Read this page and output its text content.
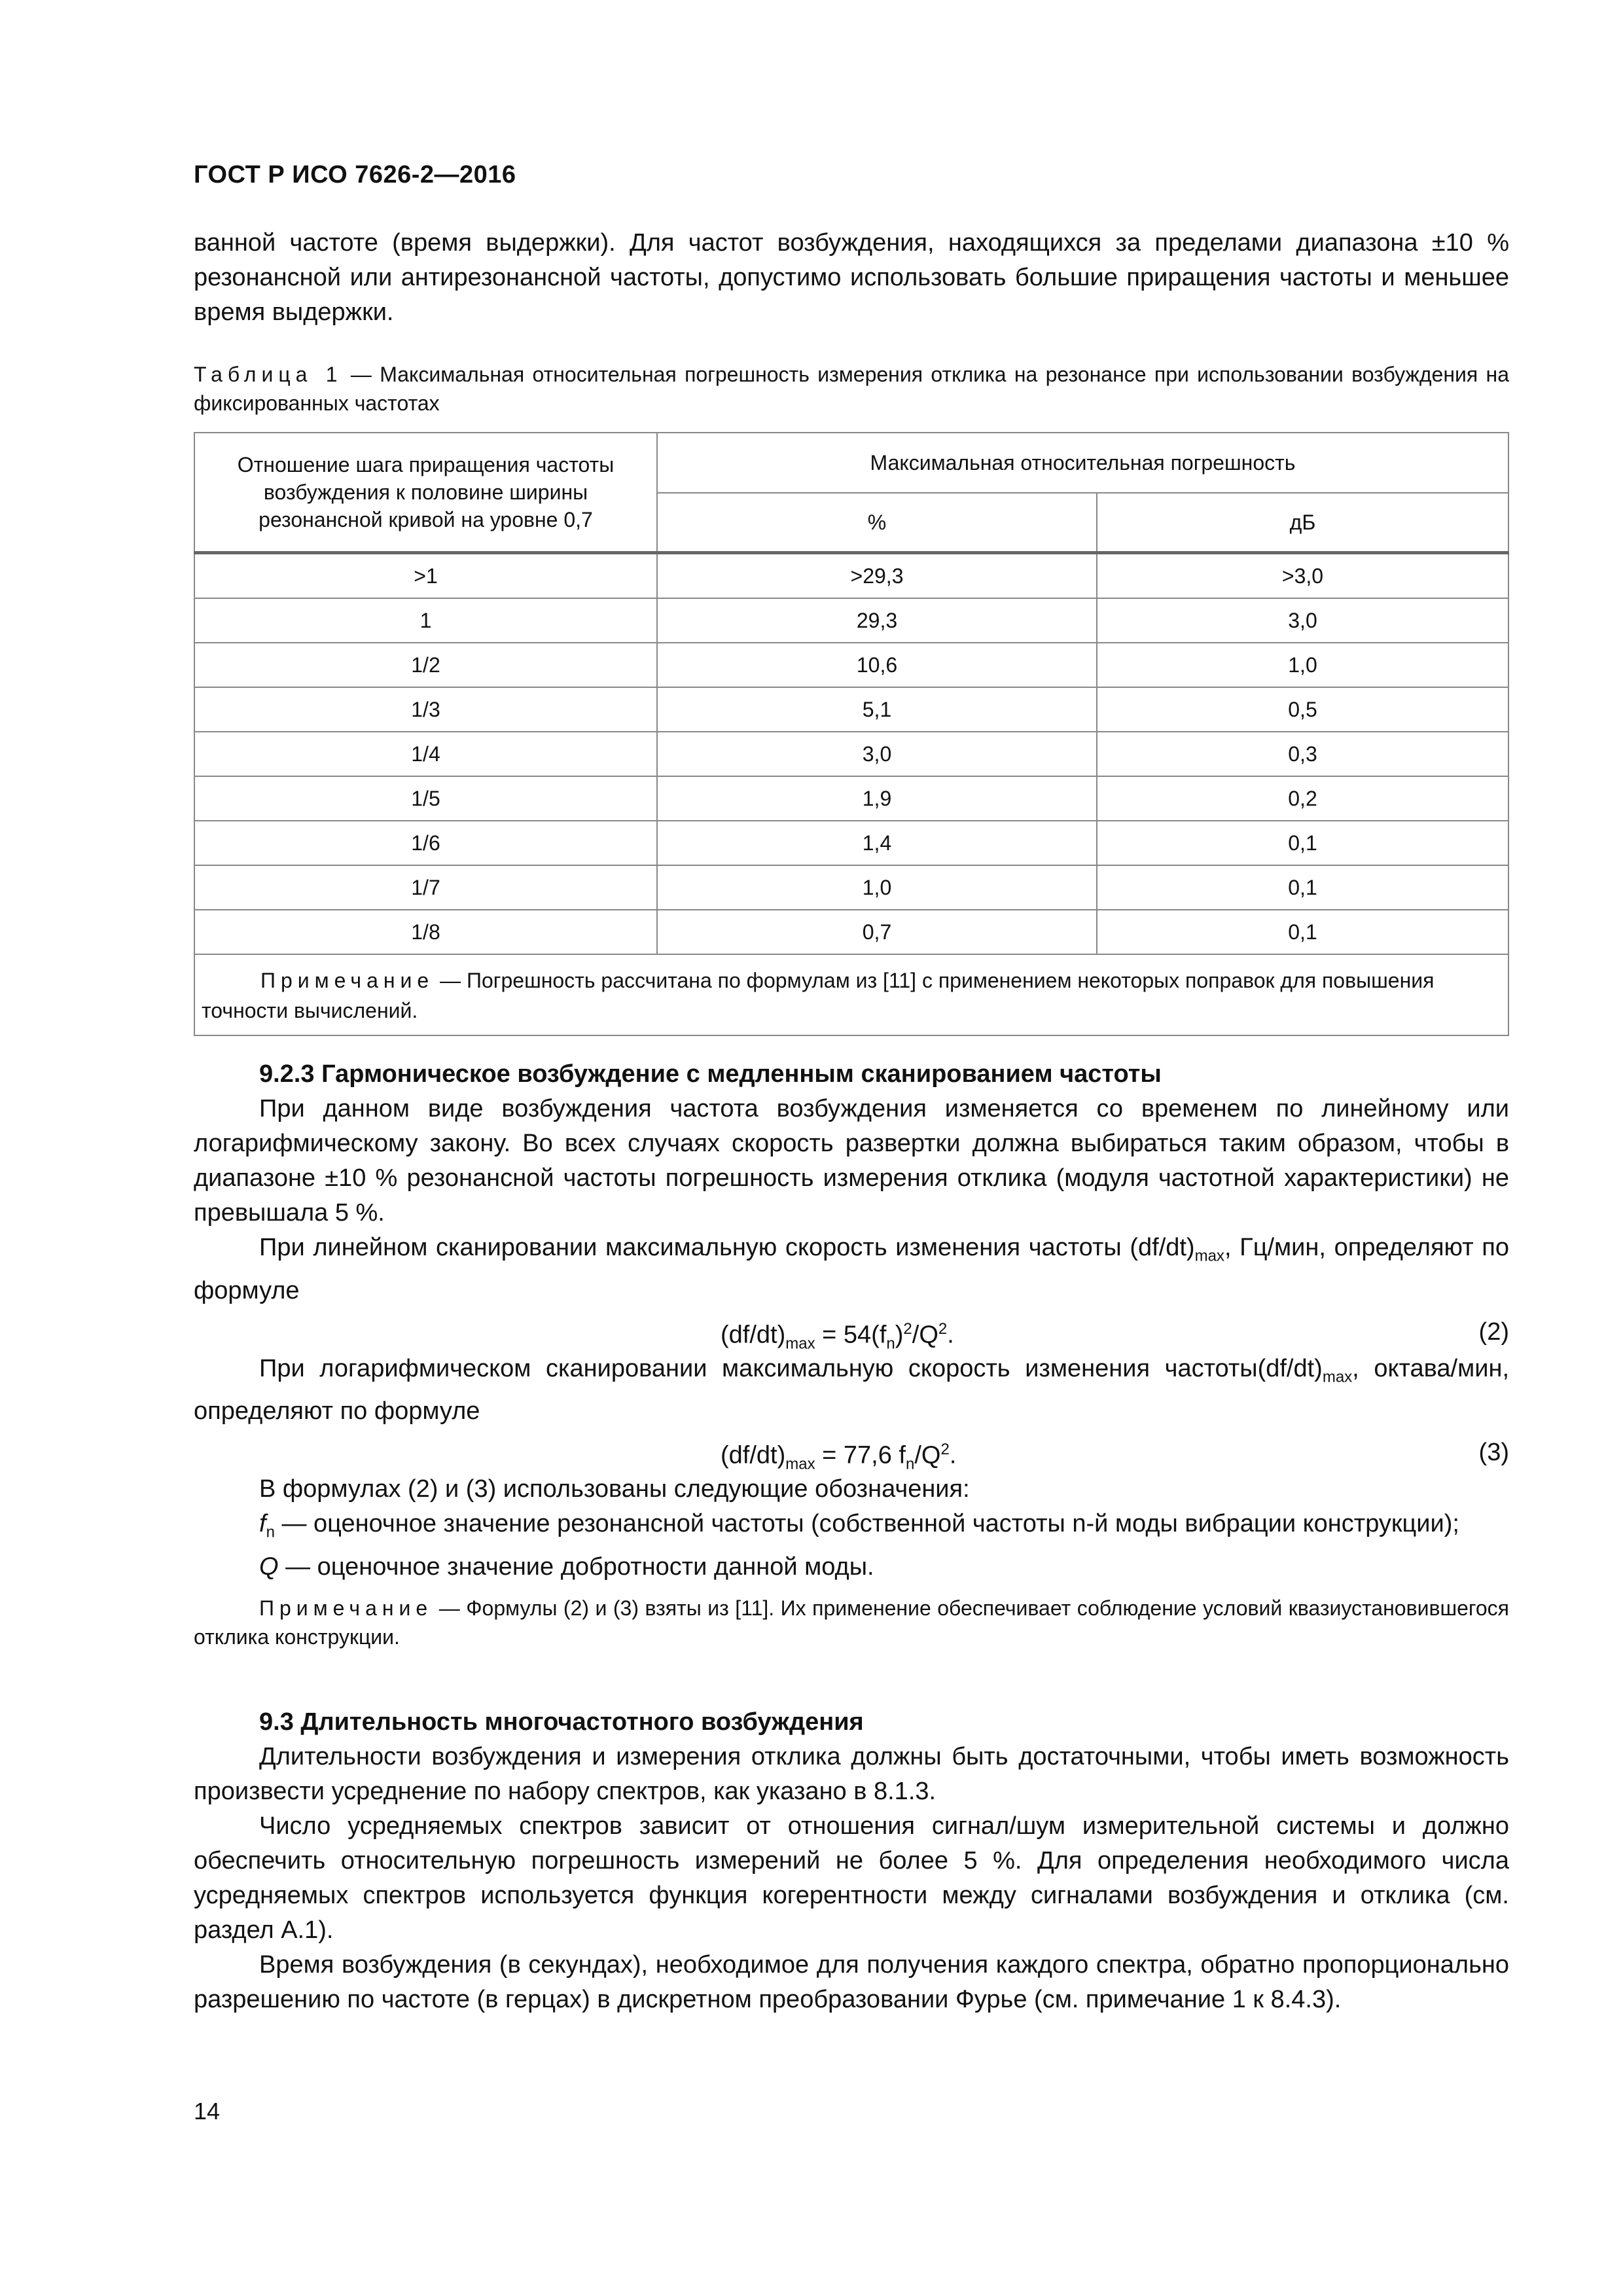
ГОСТ Р ИСО 7626-2—2016

ванной частоте (время выдержки). Для частот возбуждения, находящихся за пределами диапазона ±10 % резонансной или антирезонансной частоты, допустимо использовать большие приращения частоты и меньшее время выдержки.

Таблица 1 — Максимальная относительная погрешность измерения отклика на резонансе при использовании возбуждения на фиксированных частотах
Отношение шага приращения частоты возбуждения к половине ширины резонансной кривой на уровне 0,7	Максимальная относительная погрешность	
	%	дБ
>1	>29,3	>3,0
1	29,3	3,0
1/2	10,6	1,0
1/3	5,1	0,5
1/4	3,0	0,3
1/5	1,9	0,2
1/6	1,4	0,1
1/7	1,0	0,1
1/8	0,7	0,1
Примечание — Погрешность рассчитана по формулам из [11] с применением некоторых поправок для повышения точности вычислений.		

9.2.3 Гармоническое возбуждение с медленным сканированием частоты

При данном виде возбуждения частота возбуждения изменяется со временем по линейному или логарифмическому закону. Во всех случаях скорость развертки должна выбираться таким образом, чтобы в диапазоне ±10 % резонансной частоты погрешность измерения отклика (модуля частотной характеристики) не превышала 5 %.

При линейном сканировании максимальную скорость изменения частоты $(df/dt)_{max}$, Гц/мин, определяют по формуле

$(df/dt)_{max} = 54(f_n)^2/Q^2$.	(2)

При логарифмическом сканировании максимальную скорость изменения $частоты(df/dt)_{max}$, октава/мин, определяют по формуле

$(df/dt)_{max} = 77,6$ $f_n/Q^2$.	(3)

В формулах (2) и (3) использованы следующие обозначения:

$f_n$ — оценочное значение резонансной частоты (собственной частоты n-й моды вибрации конструкции);

Q — оценочное значение добротности данной моды.

Примечание — Формулы (2) и (3) взяты из [11]. Их применение обеспечивает соблюдение условий квазиустановившегося отклика конструкции.

9.3 Длительность многочастотного возбуждения

Длительности возбуждения и измерения отклика должны быть достаточными, чтобы иметь возможность произвести усреднение по набору спектров, как указано в 8.1.3.

Число усредняемых спектров зависит от отношения сигнал/шум измерительной системы и должно обеспечить относительную погрешность измерений не более 5 %. Для определения необходимого числа усредняемых спектров используется функция когерентности между сигналами возбуждения и отклика (см. раздел А.1).

Время возбуждения (в секундах), необходимое для получения каждого спектра, обратно пропорционально разрешению по частоте (в герцах) в дискретном преобразовании Фурье (см. примечание 1 к 8.4.3).

14
